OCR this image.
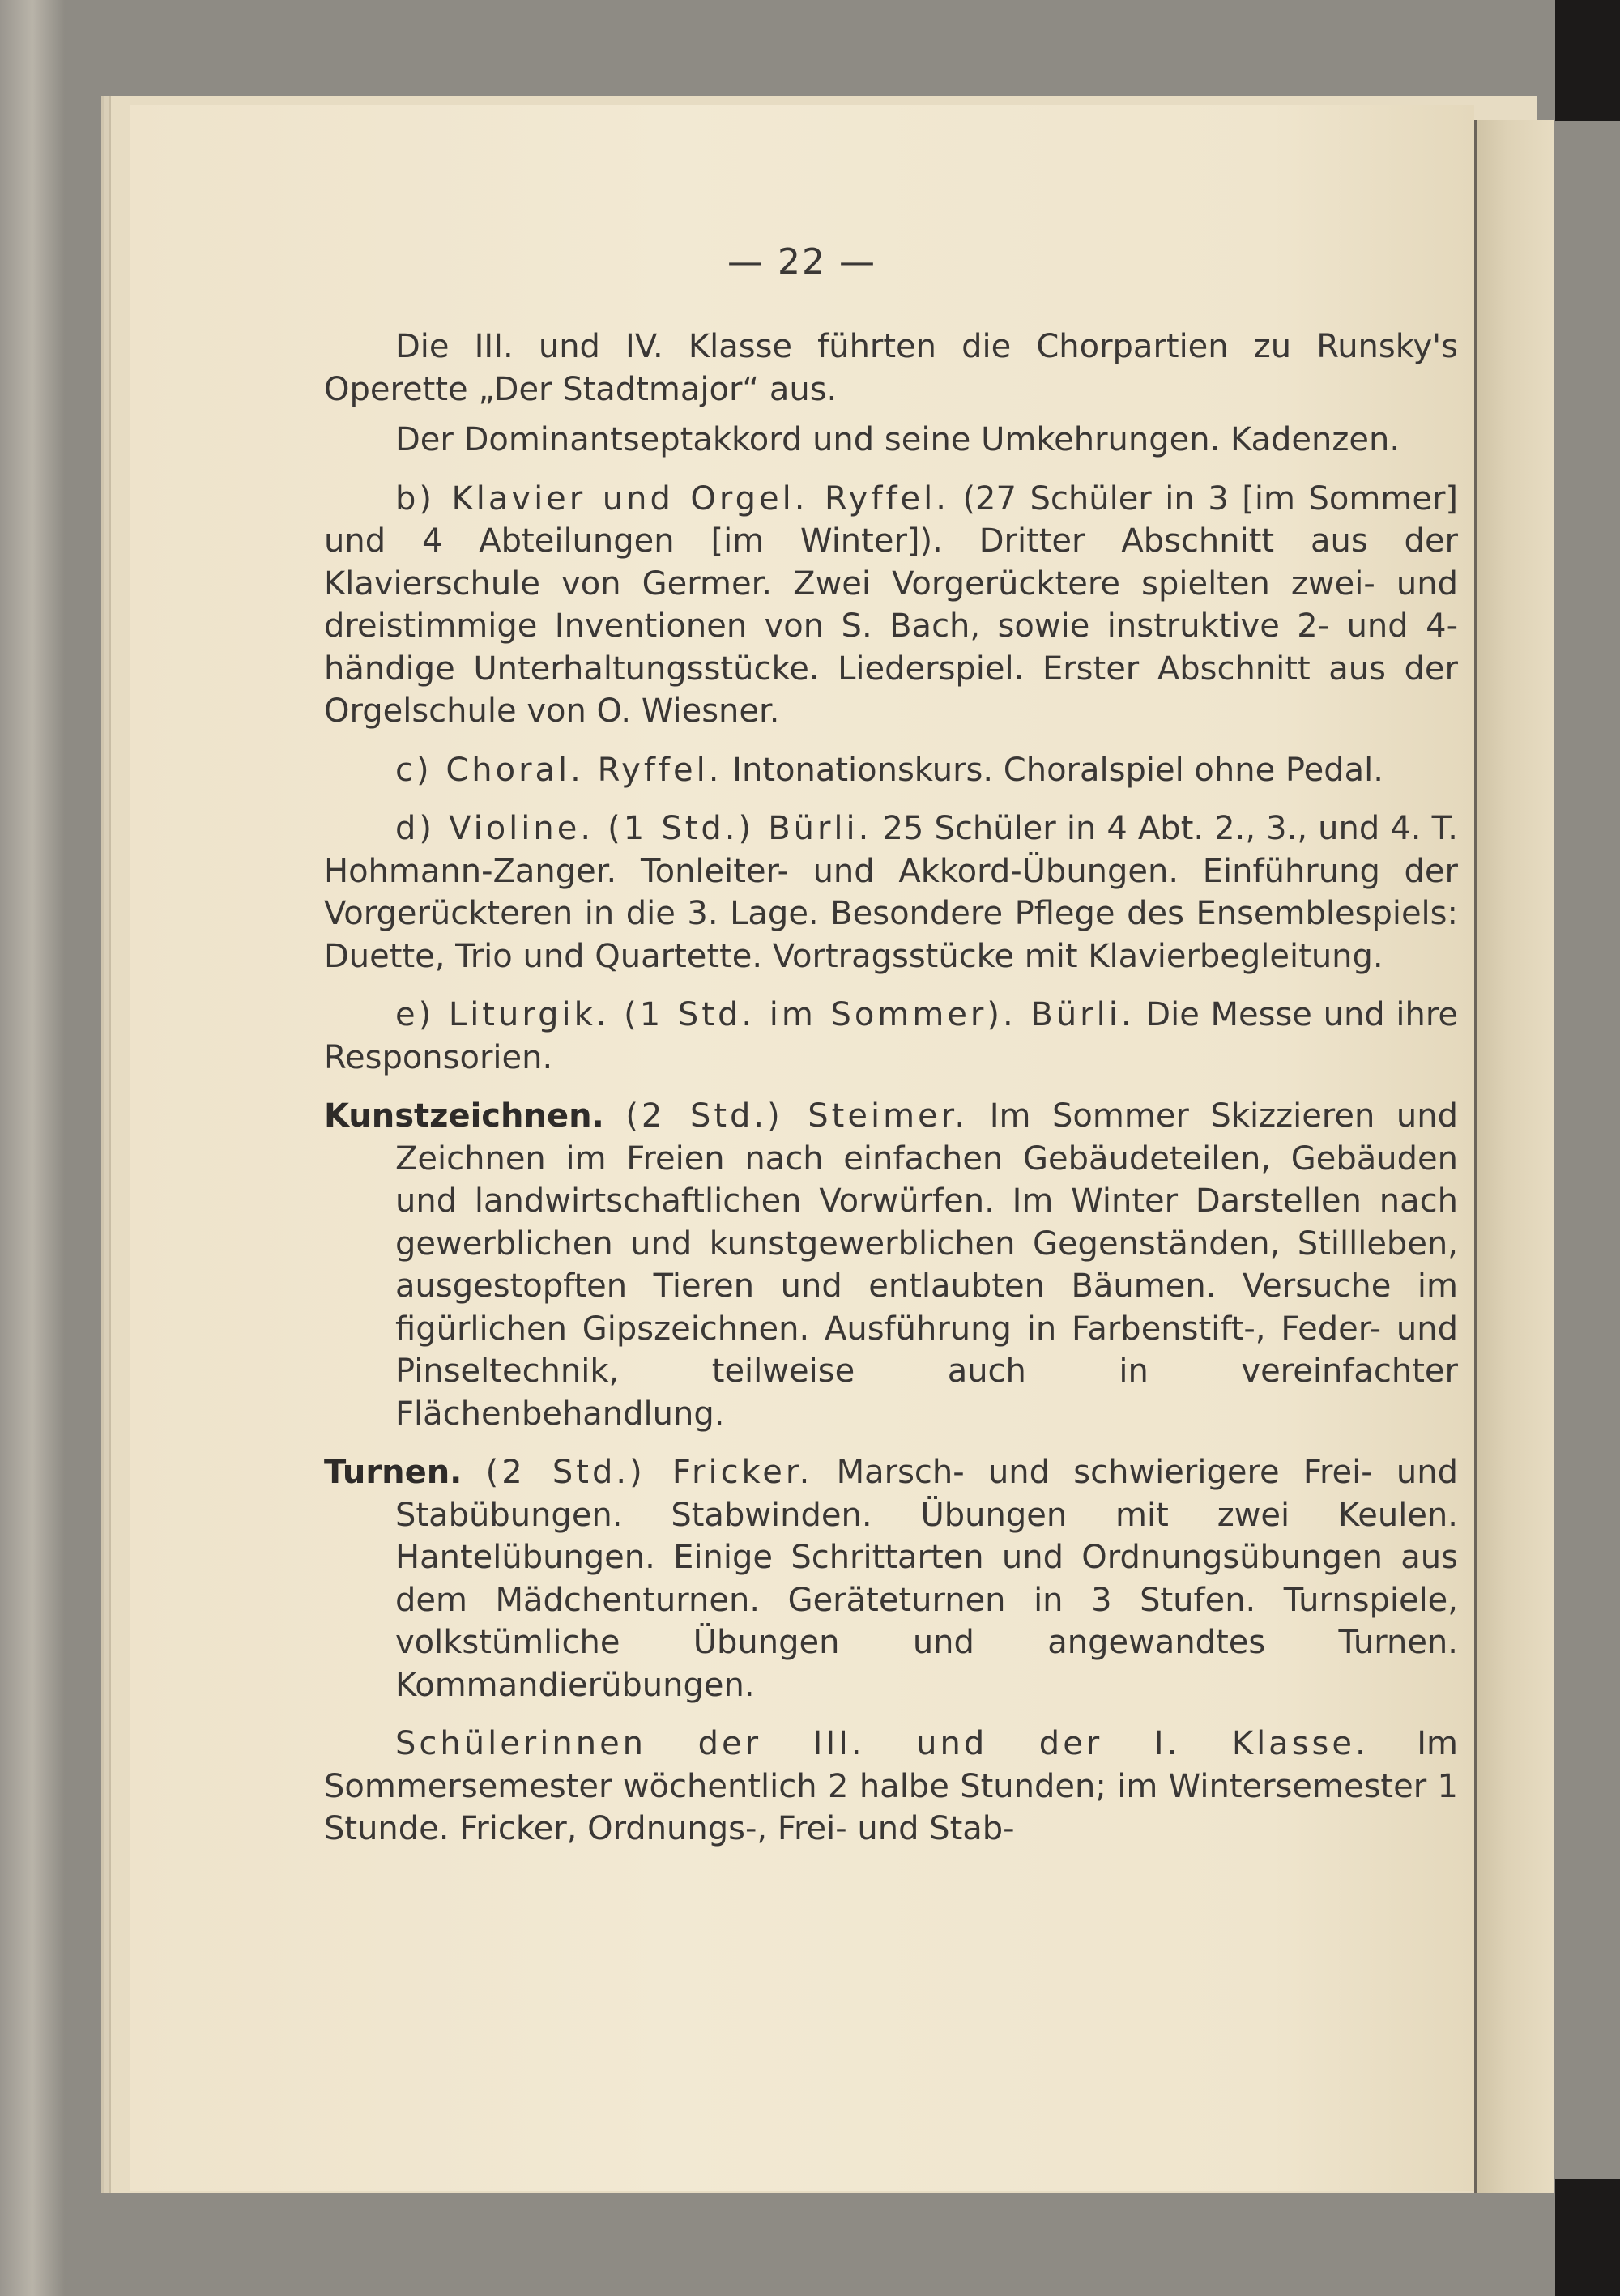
— 22 —

Die III. und IV. Klasse führten die Chorpartien zu Runsky's Operette „Der Stadtmajor“ aus.

Der Dominantseptakkord und seine Umkehrungen. Kadenzen.

b) Klavier und Orgel. Ryffel. (27 Schüler in 3 [im Sommer] und 4 Abteilungen [im Winter]). Dritter Abschnitt aus der Klavierschule von Germer. Zwei Vorgerücktere spielten zwei- und dreistimmige Inventionen von S. Bach, sowie instruktive 2- und 4-händige Unterhaltungsstücke. Liederspiel. Erster Abschnitt aus der Orgelschule von O. Wiesner.

c) Choral. Ryffel. Intonationskurs. Choralspiel ohne Pedal.

d) Violine. (1 Std.) Bürli. 25 Schüler in 4 Abt. 2., 3., und 4. T. Hohmann-Zanger. Tonleiter- und Akkord-Übungen. Einführung der Vorgerückteren in die 3. Lage. Besondere Pflege des Ensemblespiels: Duette, Trio und Quartette. Vortragsstücke mit Klavierbegleitung.

e) Liturgik. (1 Std. im Sommer). Bürli. Die Messe und ihre Responsorien.

Kunstzeichnen. (2 Std.) Steimer. Im Sommer Skizzieren und Zeichnen im Freien nach einfachen Gebäudeteilen, Gebäuden und landwirtschaftlichen Vorwürfen. Im Winter Darstellen nach gewerblichen und kunstgewerblichen Gegenständen, Stillleben, ausgestopften Tieren und entlaubten Bäumen. Versuche im figürlichen Gipszeichnen. Ausführung in Farbenstift-, Feder- und Pinseltechnik, teilweise auch in vereinfachter Flächenbehandlung.

Turnen. (2 Std.) Fricker. Marsch- und schwierigere Frei- und Stabübungen. Stabwinden. Übungen mit zwei Keulen. Hantelübungen. Einige Schrittarten und Ordnungsübungen aus dem Mädchenturnen. Geräteturnen in 3 Stufen. Turnspiele, volkstümliche Übungen und angewandtes Turnen. Kommandierübungen.

Schülerinnen der III. und der I. Klasse. Im Sommersemester wöchentlich 2 halbe Stunden; im Wintersemester 1 Stunde. Fricker, Ordnungs-, Frei- und Stab-
